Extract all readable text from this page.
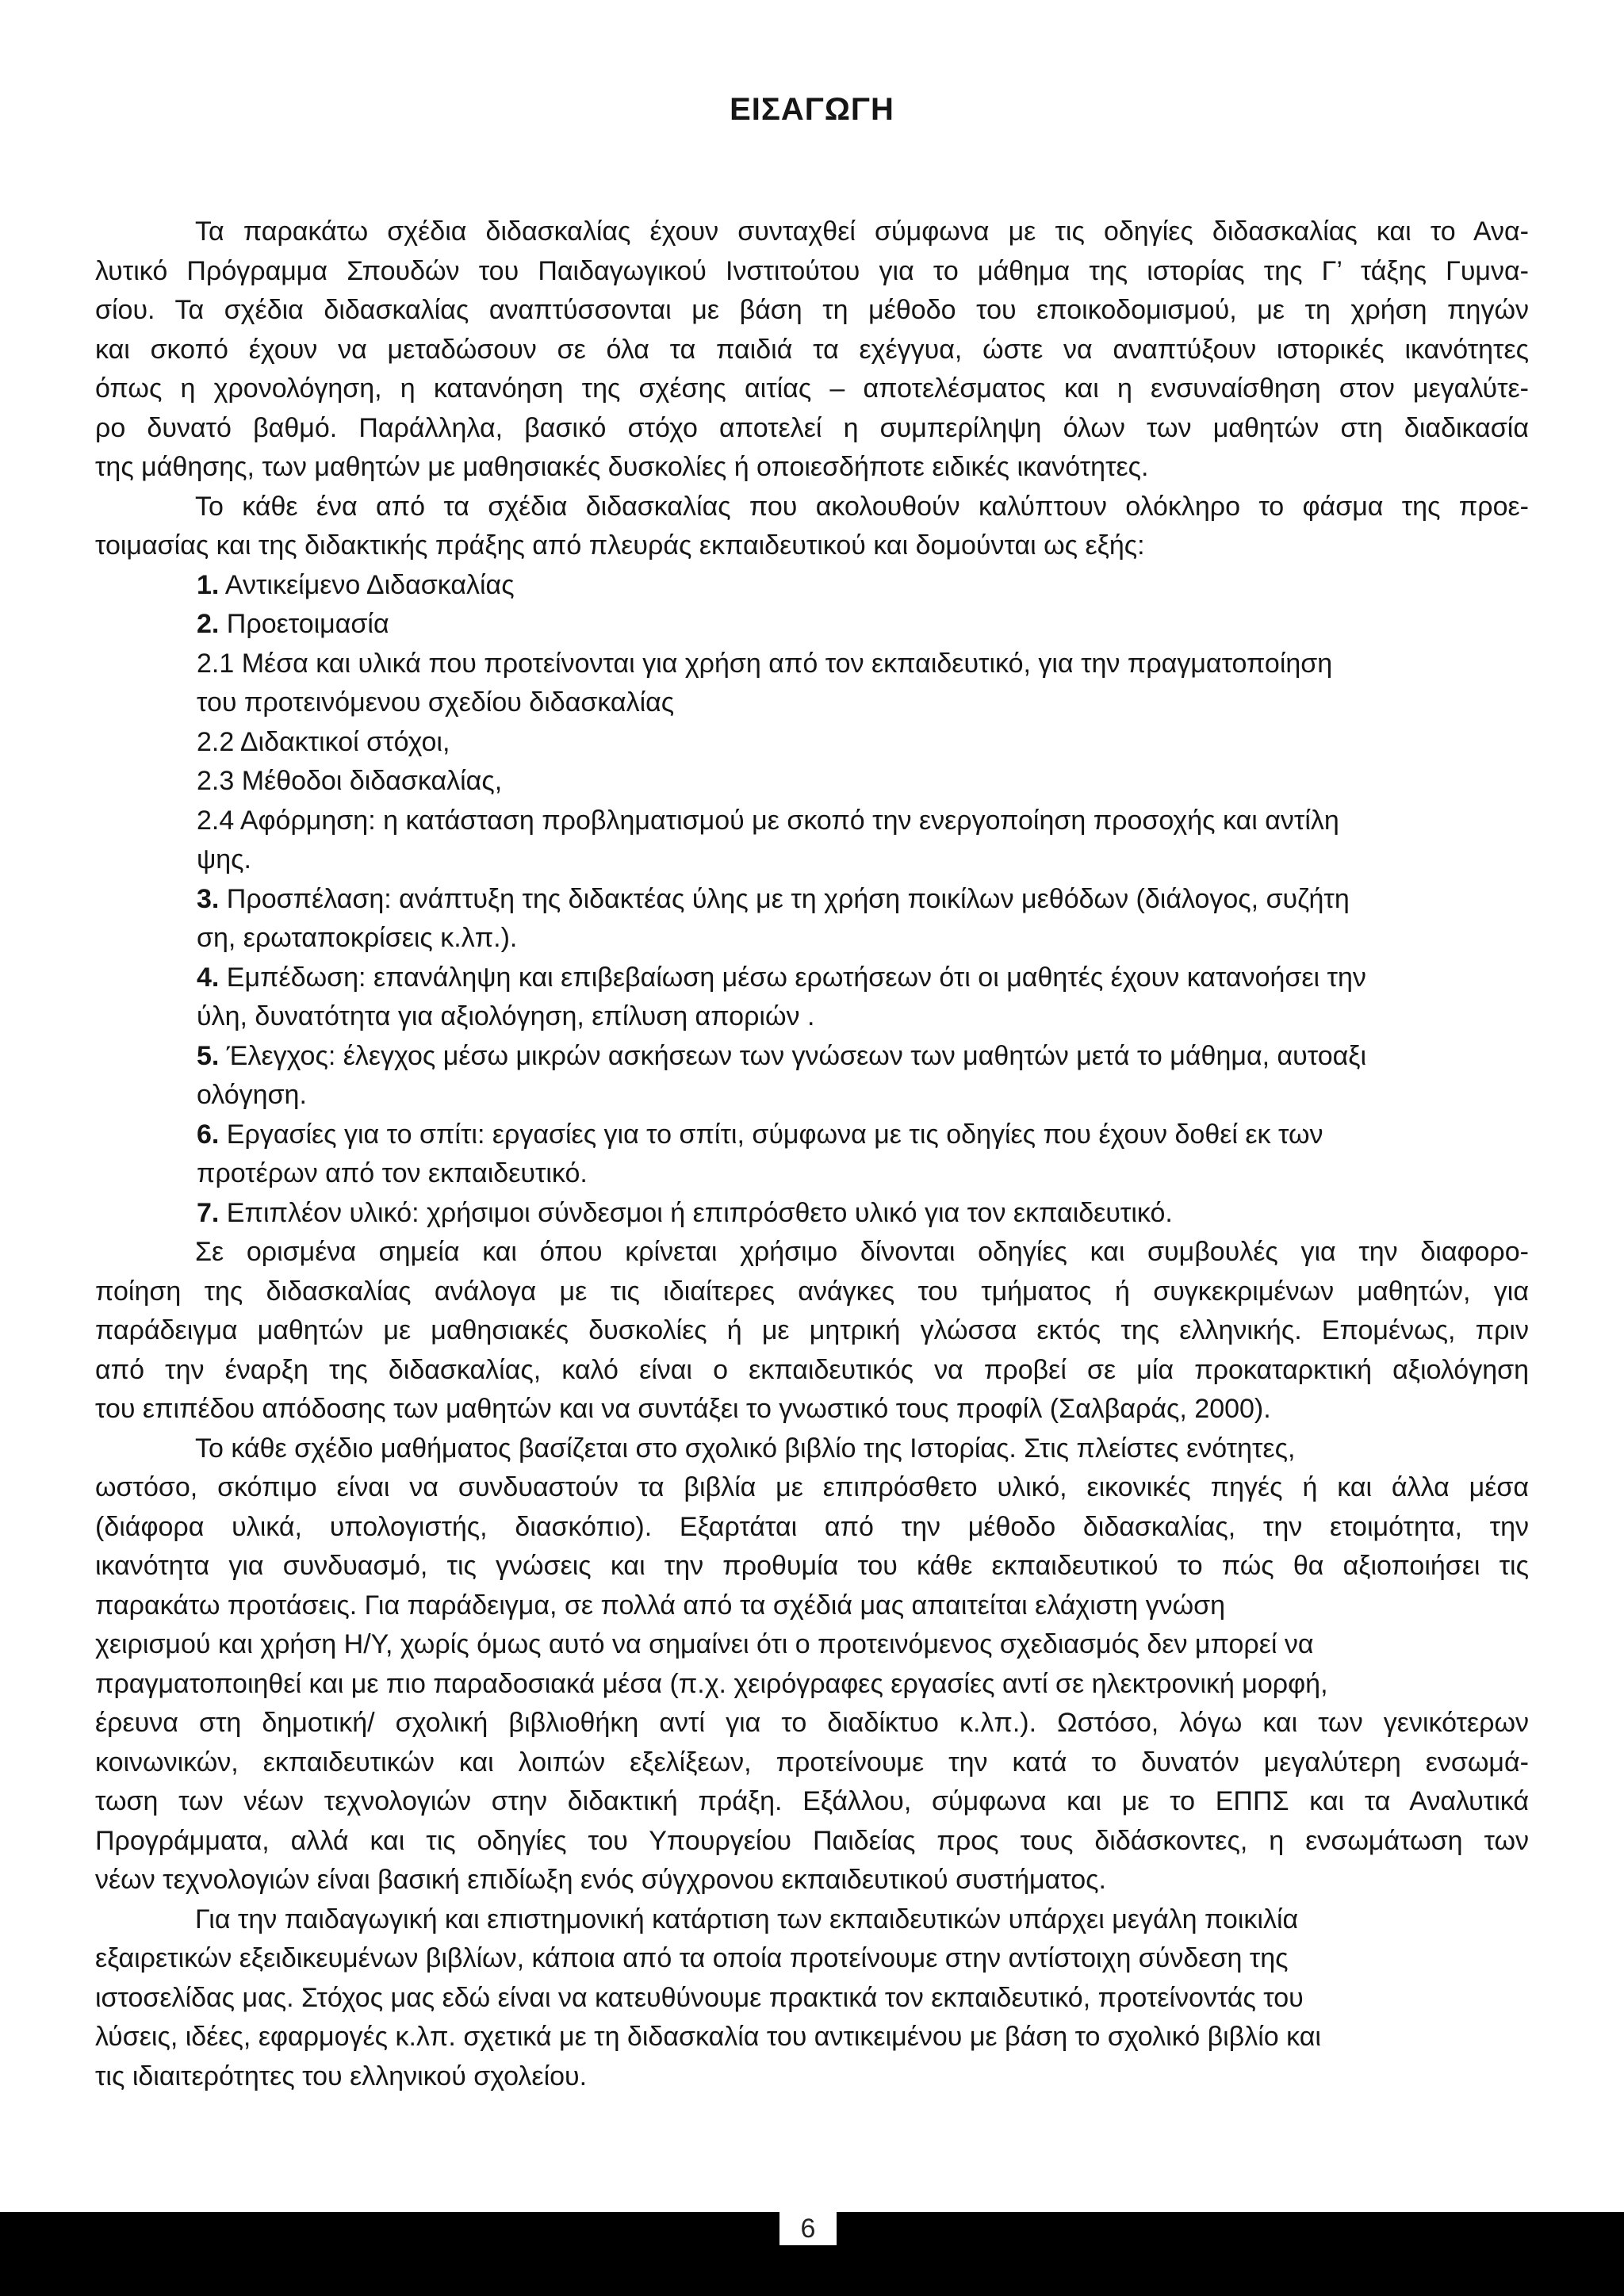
ΕΙΣΑΓΩΓΗ
Τα παρακάτω σχέδια διδασκαλίας έχουν συνταχθεί σύμφωνα με τις οδηγίες διδασκαλίας και το Ανα-
λυτικό Πρόγραμμα Σπουδών του Παιδαγωγικού Ινστιτούτου για το μάθημα της ιστορίας της Γ’ τάξης Γυμνα-
σίου. Τα σχέδια διδασκαλίας αναπτύσσονται με βάση τη μέθοδο του εποικοδομισμού, με τη χρήση πηγών
και σκοπό έχουν να μεταδώσουν σε όλα τα παιδιά τα εχέγγυα, ώστε να αναπτύξουν ιστορικές ικανότητες
όπως η χρονολόγηση, η κατανόηση της σχέσης αιτίας – αποτελέσματος και η ενσυναίσθηση στον μεγαλύτε-
ρο δυνατό βαθμό. Παράλληλα, βασικό στόχο αποτελεί η συμπερίληψη όλων των μαθητών στη διαδικασία
της μάθησης, των μαθητών με μαθησιακές δυσκολίες ή οποιεσδήποτε ειδικές ικανότητες.
Το κάθε ένα από τα σχέδια διδασκαλίας που ακολουθούν καλύπτουν ολόκληρο το φάσμα της προε-
τοιμασίας και της διδακτικής πράξης από πλευράς εκπαιδευτικού και δομούνται ως εξής:
1. Αντικείμενο Διδασκαλίας
2. Προετοιμασία
2.1 Μέσα και υλικά που προτείνονται για χρήση από τον εκπαιδευτικό, για την πραγματοποίηση
του προτεινόμενου σχεδίου διδασκαλίας
2.2 Διδακτικοί στόχοι,
2.3 Μέθοδοι διδασκαλίας,
2.4 Αφόρμηση: η κατάσταση προβληματισμού με σκοπό την ενεργοποίηση προσοχής και αντίλη
ψης.
3. Προσπέλαση: ανάπτυξη της διδακτέας ύλης με τη χρήση ποικίλων μεθόδων (διάλογος, συζήτη
ση, ερωταποκρίσεις κ.λπ.).
4. Εμπέδωση: επανάληψη και επιβεβαίωση μέσω ερωτήσεων ότι οι μαθητές έχουν κατανοήσει την
ύλη, δυνατότητα για αξιολόγηση, επίλυση αποριών .
5. Έλεγχος: έλεγχος μέσω μικρών ασκήσεων των γνώσεων των μαθητών μετά το μάθημα, αυτοαξι
ολόγηση.
6. Εργασίες για το σπίτι: εργασίες για το σπίτι, σύμφωνα με τις οδηγίες που έχουν δοθεί εκ των
προτέρων από τον εκπαιδευτικό.
7. Επιπλέον υλικό: χρήσιμοι σύνδεσμοι ή επιπρόσθετο υλικό για τον εκπαιδευτικό.
Σε ορισμένα σημεία και όπου κρίνεται χρήσιμο δίνονται οδηγίες και συμβουλές για την διαφορο-
ποίηση της διδασκαλίας ανάλογα με τις ιδιαίτερες ανάγκες του τμήματος ή συγκεκριμένων μαθητών, για
παράδειγμα μαθητών με μαθησιακές δυσκολίες ή με μητρική γλώσσα εκτός της ελληνικής. Επομένως, πριν
από την έναρξη της διδασκαλίας, καλό είναι ο εκπαιδευτικός να προβεί σε μία προκαταρκτική αξιολόγηση
του επιπέδου απόδοσης των μαθητών και να συντάξει το γνωστικό τους προφίλ (Σαλβαράς, 2000).
Το κάθε σχέδιο μαθήματος βασίζεται στο σχολικό βιβλίο της Ιστορίας. Στις πλείστες ενότητες,
ωστόσο, σκόπιμο είναι να συνδυαστούν τα βιβλία με επιπρόσθετο υλικό, εικονικές πηγές ή και άλλα μέσα
(διάφορα υλικά, υπολογιστής, διασκόπιο). Εξαρτάται από την μέθοδο διδασκαλίας, την ετοιμότητα, την
ικανότητα για συνδυασμό, τις γνώσεις και την προθυμία του κάθε εκπαιδευτικού το πώς θα αξιοποιήσει τις
παρακάτω προτάσεις. Για παράδειγμα, σε πολλά από τα σχέδιά μας απαιτείται ελάχιστη γνώση
χειρισμού και χρήση Η/Υ, χωρίς όμως αυτό να σημαίνει ότι ο προτεινόμενος σχεδιασμός δεν μπορεί να
πραγματοποιηθεί και με πιο παραδοσιακά μέσα (π.χ. χειρόγραφες εργασίες αντί σε ηλεκτρονική μορφή,
έρευνα στη δημοτική/ σχολική βιβλιοθήκη αντί για το διαδίκτυο κ.λπ.). Ωστόσο, λόγω και των γενικότερων
κοινωνικών, εκπαιδευτικών και λοιπών εξελίξεων, προτείνουμε την κατά το δυνατόν μεγαλύτερη ενσωμά-
τωση των νέων τεχνολογιών στην διδακτική πράξη. Εξάλλου, σύμφωνα και με το ΕΠΠΣ και τα Αναλυτικά
Προγράμματα, αλλά και τις οδηγίες του Υπουργείου Παιδείας προς τους διδάσκοντες, η ενσωμάτωση των
νέων τεχνολογιών είναι βασική επιδίωξη ενός σύγχρονου εκπαιδευτικού συστήματος.
Για την παιδαγωγική και επιστημονική κατάρτιση των εκπαιδευτικών υπάρχει μεγάλη ποικιλία
εξαιρετικών εξειδικευμένων βιβλίων, κάποια από τα οποία προτείνουμε στην αντίστοιχη σύνδεση της
ιστοσελίδας μας. Στόχος μας εδώ είναι να κατευθύνουμε πρακτικά τον εκπαιδευτικό, προτείνοντάς του
λύσεις, ιδέες, εφαρμογές κ.λπ. σχετικά με τη διδασκαλία του αντικειμένου με βάση το σχολικό βιβλίο και
τις ιδιαιτερότητες του ελληνικού σχολείου.
6
